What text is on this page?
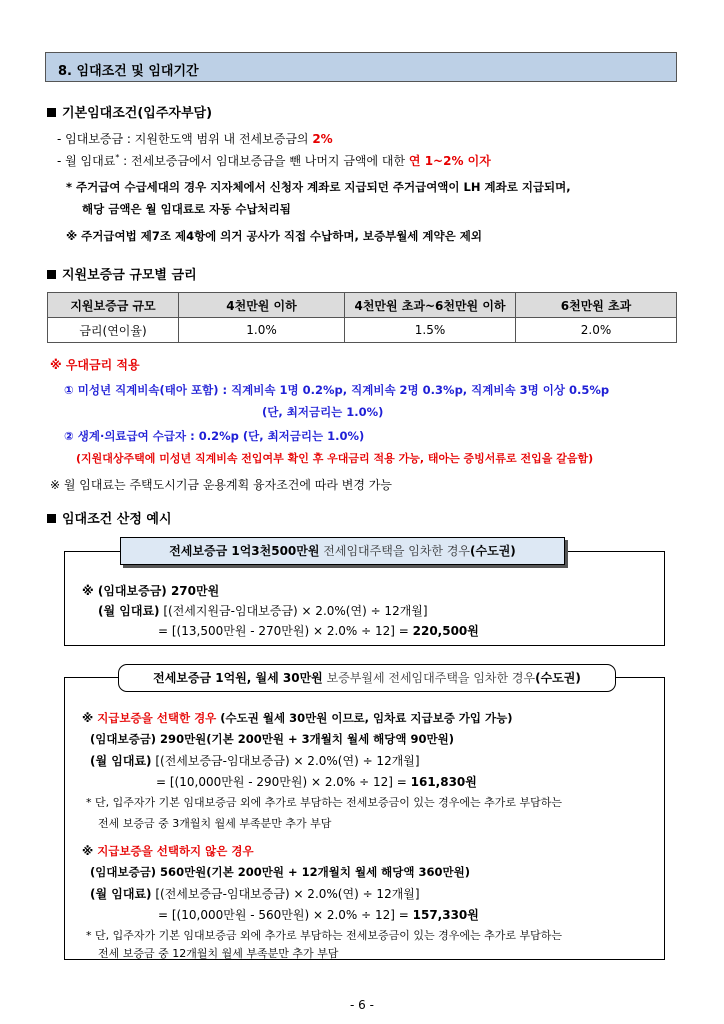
8. 임대조건 및 임대기간
기본임대조건(입주자부담)
- 임대보증금 : 지원한도액 범위 내 전세보증금의 2%
- 월 임대료* : 전세보증금에서 임대보증금을 뺀 나머지 금액에 대한 연 1~2% 이자
* 주거급여 수급세대의 경우 지자체에서 신청자 계좌로 지급되던 주거급여액이 LH 계좌로 지급되며,
해당 금액은 월 임대료로 자동 수납처리됨
※ 주거급여법 제7조 제4항에 의거 공사가 직접 수납하며, 보증부월세 계약은 제외
지원보증금 규모별 금리
지원보증금 규모	4천만원 이하	4천만원 초과~6천만원 이하	6천만원 초과
금리(연이율)	1.0%	1.5%	2.0%
※ 우대금리 적용
① 미성년 직계비속(태아 포함) : 직계비속 1명 0.2%p, 직계비속 2명 0.3%p, 직계비속 3명 이상 0.5%p
(단, 최저금리는 1.0%)
② 생계·의료급여 수급자 : 0.2%p (단, 최저금리는 1.0%)
(지원대상주택에 미성년 직계비속 전입여부 확인 후 우대금리 적용 가능, 태아는 증빙서류로 전입을 갈음함)
※ 월 임대료는 주택도시기금 운용계획 융자조건에 따라 변경 가능
임대조건 산정 예시
전세보증금 1억3천500만원 전세임대주택을 임차한 경우(수도권)
※ (임대보증금) 270만원
(월 임대료) [(전세지원금-임대보증금) × 2.0%(연) ÷ 12개월]
= [(13,500만원 - 270만원) × 2.0% ÷ 12] = 220,500원
전세보증금 1억원, 월세 30만원 보증부월세 전세임대주택을 임차한 경우(수도권)
※ 지급보증을 선택한 경우 (수도권 월세 30만원 이므로, 임차료 지급보증 가입 가능)
(임대보증금) 290만원(기본 200만원 + 3개월치 월세 해당액 90만원)
(월 임대료) [(전세보증금-임대보증금) × 2.0%(연) ÷ 12개월]
= [(10,000만원 - 290만원) × 2.0% ÷ 12] = 161,830원
* 단, 입주자가 기본 임대보증금 외에 추가로 부담하는 전세보증금이 있는 경우에는 추가로 부담하는
전세 보증금 중 3개월치 월세 부족분만 추가 부담
※ 지급보증을 선택하지 않은 경우
(임대보증금) 560만원(기본 200만원 + 12개월치 월세 해당액 360만원)
(월 임대료) [(전세보증금-임대보증금) × 2.0%(연) ÷ 12개월]
= [(10,000만원 - 560만원) × 2.0% ÷ 12] = 157,330원
* 단, 입주자가 기본 임대보증금 외에 추가로 부담하는 전세보증금이 있는 경우에는 추가로 부담하는
전세 보증금 중 12개월치 월세 부족분만 추가 부담
- 6 -
